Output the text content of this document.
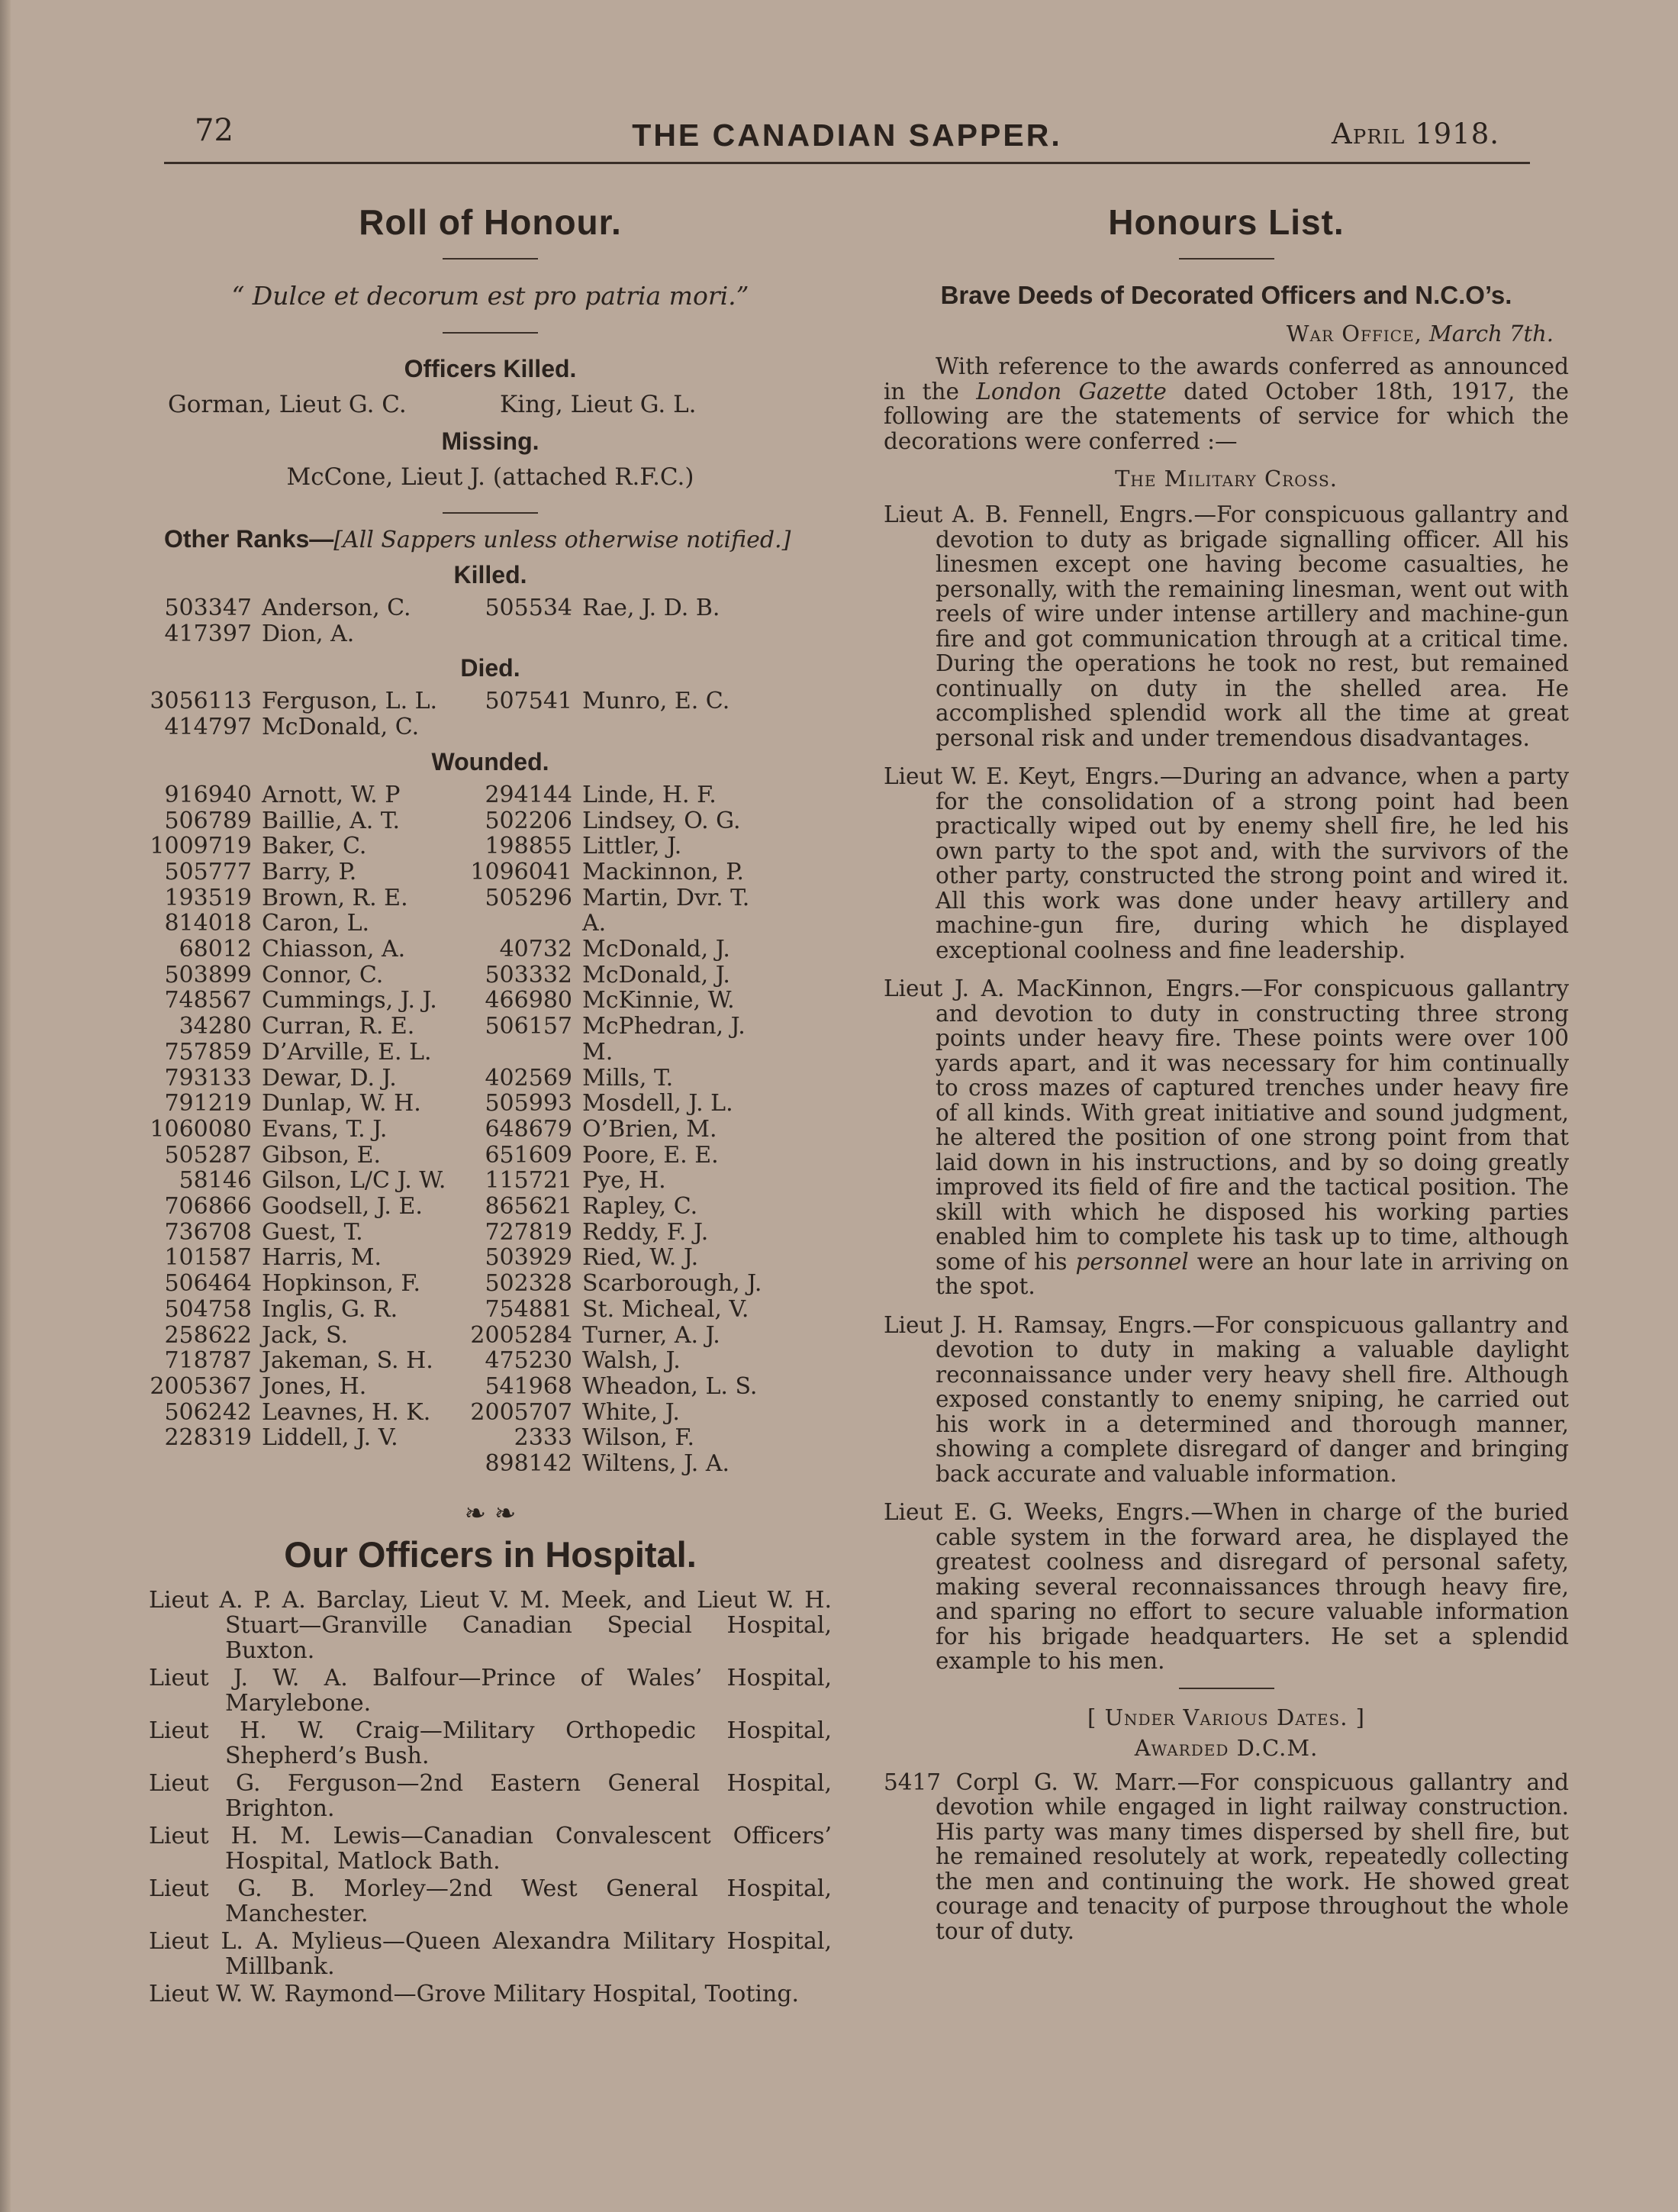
72	THE CANADIAN SAPPER.	April 1918.
Roll of Honour.
“ Dulce et decorum est pro patria mori.”
Officers Killed.
Gorman, Lieut G. C.	King, Lieut G. L.
Missing.
McCone, Lieut J. (attached R.F.C.)
Other Ranks—[All Sappers unless otherwise notified.]
Killed.
503347 Anderson, C.
417397 Dion, A.
505534 Rae, J. D. B.
Died.
3056113 Ferguson, L. L.
414797 McDonald, C.
507541 Munro, E. C.
Wounded.
916940 Arnott, W. P
506789 Baillie, A. T.
1009719 Baker, C.
505777 Barry, P.
193519 Brown, R. E.
814018 Caron, L.
68012 Chiasson, A.
503899 Connor, C.
748567 Cummings, J. J.
34280 Curran, R. E.
757859 D’Arville, E. L.
793133 Dewar, D. J.
791219 Dunlap, W. H.
1060080 Evans, T. J.
505287 Gibson, E.
58146 Gilson, L/C J. W.
706866 Goodsell, J. E.
736708 Guest, T.
101587 Harris, M.
506464 Hopkinson, F.
504758 Inglis, G. R.
258622 Jack, S.
718787 Jakeman, S. H.
2005367 Jones, H.
506242 Leavnes, H. K.
228319 Liddell, J. V.
294144 Linde, H. F.
502206 Lindsey, O. G.
198855 Littler, J.
1096041 Mackinnon, P.
505296 Martin, Dvr. T. A.
40732 McDonald, J.
503332 McDonald, J.
466980 McKinnie, W.
506157 McPhedran, J. M.
402569 Mills, T.
505993 Mosdell, J. L.
648679 O’Brien, M.
651609 Poore, E. E.
115721 Pye, H.
865621 Rapley, C.
727819 Reddy, F. J.
503929 Ried, W. J.
502328 Scarborough, J.
754881 St. Micheal, V.
2005284 Turner, A. J.
475230 Walsh, J.
541968 Wheadon, L. S.
2005707 White, J.
2333 Wilson, F.
898142 Wiltens, J. A.
❧ ❧
Our Officers in Hospital.

Lieut A. P. A. Barclay, Lieut V. M. Meek, and Lieut W. H. Stuart—Granville Canadian Special Hospital, Buxton.

Lieut J. W. A. Balfour—Prince of Wales’ Hospital, Marylebone.

Lieut H. W. Craig—Military Orthopedic Hospital, Shepherd’s Bush.

Lieut G. Ferguson—2nd Eastern General Hospital, Brighton.

Lieut H. M. Lewis—Canadian Convalescent Officers’ Hospital, Matlock Bath.

Lieut G. B. Morley—2nd West General Hospital, Manchester.

Lieut L. A. Mylieus—Queen Alexandra Military Hospital, Millbank.

Lieut W. W. Raymond—Grove Military Hospital, Tooting.

Honours List.
Brave Deeds of Decorated Officers and N.C.O’s.
War Office, March 7th.

With reference to the awards conferred as announced in the London Gazette dated October 18th, 1917, the following are the statements of service for which the decorations were conferred :—

The Military Cross.

Lieut A. B. Fennell, Engrs.—For conspicuous gallantry and devotion to duty as brigade signalling officer. All his linesmen except one having become casualties, he personally, with the remaining linesman, went out with reels of wire under intense artillery and machine-gun fire and got communication through at a critical time. During the operations he took no rest, but remained continually on duty in the shelled area. He accomplished splendid work all the time at great personal risk and under tremendous disadvantages.

Lieut W. E. Keyt, Engrs.—During an advance, when a party for the consolidation of a strong point had been practically wiped out by enemy shell fire, he led his own party to the spot and, with the survivors of the other party, constructed the strong point and wired it. All this work was done under heavy artillery and machine-gun fire, during which he displayed exceptional coolness and fine leadership.

Lieut J. A. MacKinnon, Engrs.—For conspicuous gallantry and devotion to duty in constructing three strong points under heavy fire. These points were over 100 yards apart, and it was necessary for him continually to cross mazes of captured trenches under heavy fire of all kinds. With great initiative and sound judgment, he altered the position of one strong point from that laid down in his instructions, and by so doing greatly improved its field of fire and the tactical position. The skill with which he disposed his working parties enabled him to complete his task up to time, although some of his personnel were an hour late in arriving on the spot.

Lieut J. H. Ramsay, Engrs.—For conspicuous gallantry and devotion to duty in making a valuable daylight reconnaissance under very heavy shell fire. Although exposed constantly to enemy sniping, he carried out his work in a determined and thorough manner, showing a complete disregard of danger and bringing back accurate and valuable information.

Lieut E. G. Weeks, Engrs.—When in charge of the buried cable system in the forward area, he displayed the greatest coolness and disregard of personal safety, making several reconnaissances through heavy fire, and sparing no effort to secure valuable information for his brigade headquarters. He set a splendid example to his men.

[ Under Various Dates. ]
Awarded D.C.M.

5417 Corpl G. W. Marr.—For conspicuous gallantry and devotion while engaged in light railway construction. His party was many times dispersed by shell fire, but he remained resolutely at work, repeatedly collecting the men and continuing the work. He showed great courage and tenacity of purpose throughout the whole tour of duty.
